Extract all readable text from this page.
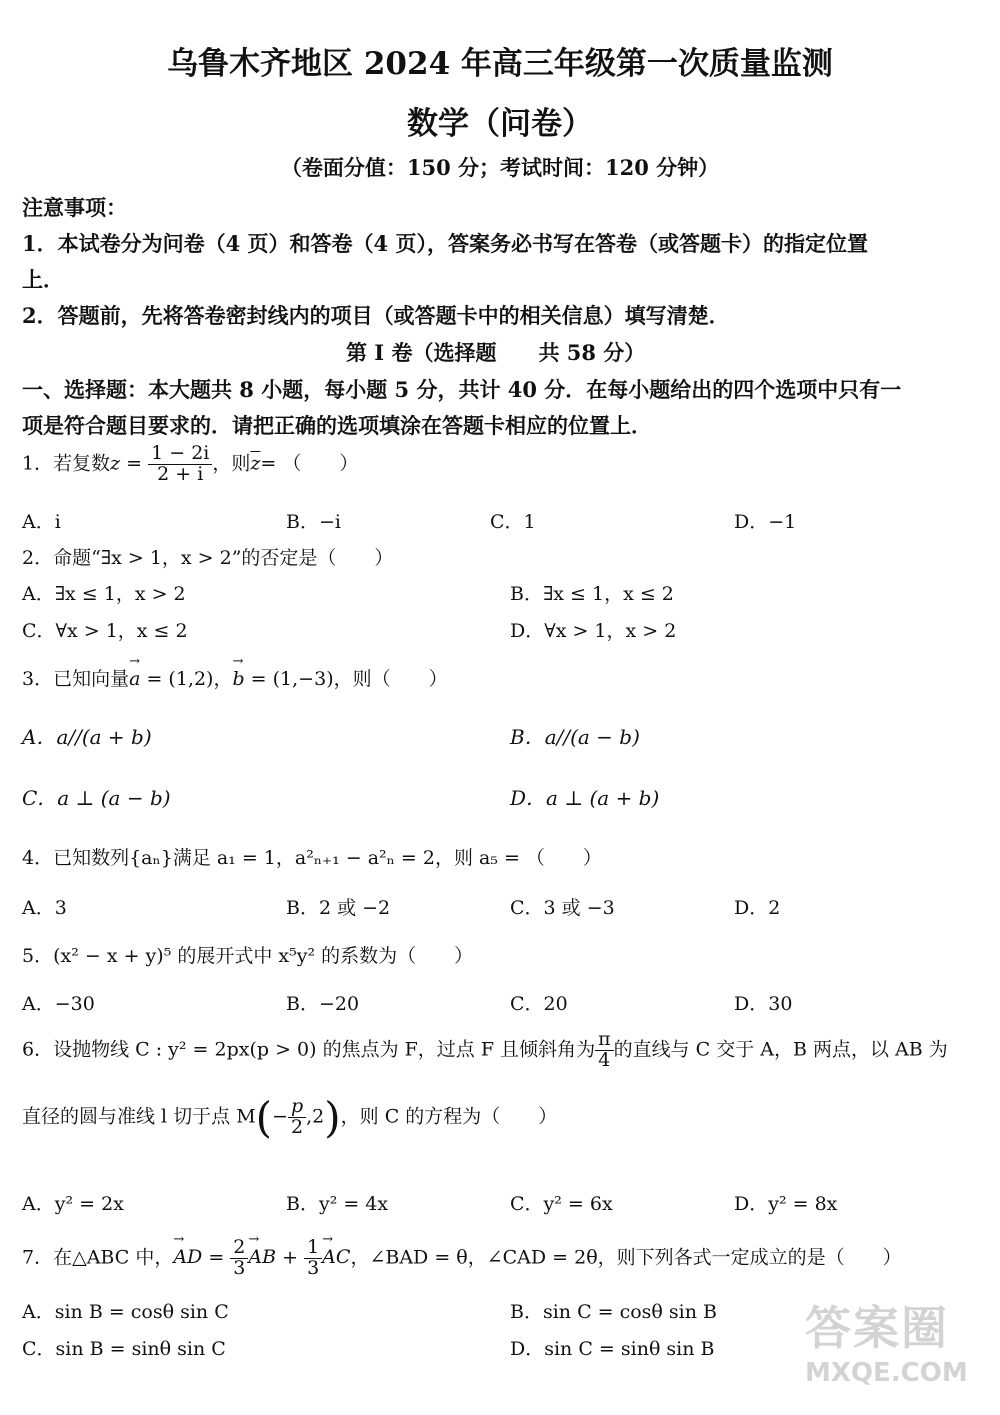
乌鲁木齐地区 2024 年高三年级第一次质量监测
数学（问卷）
（卷面分值：150 分；考试时间：120 分钟）
注意事项：
1．本试卷分为问卷（4 页）和答卷（4 页），答案务必书写在答卷（或答题卡）的指定位置
上．
2．答题前，先将答卷密封线内的项目（或答题卡中的相关信息）填写清楚．
第 I 卷（选择题　　共 58 分）
一、选择题：本大题共 8 小题，每小题 5 分，共计 40 分．在每小题给出的四个选项中只有一
项是符合题目要求的．请把正确的选项填涂在答题卡相应的位置上．
1．若复数$z = \frac{1 - 2i}{2 + i}$ ，则$\overline{z}=$ （　　）
A．i	B．−i	C．1	D．−1
2．命题“∃x > 1，x > 2”的否定是（　　）
A．∃x ≤ 1，x > 2	B．∃x ≤ 1，x ≤ 2
C．∀x > 1，x ≤ 2	D．∀x > 1，x > 2
3．已知向量→ a = (1,2)，→ b = (1,−3)，则（　　）
A．a//(a + b)	B．a//(a − b)
C．a ⊥ (a − b)	D．a ⊥ (a + b)
4．已知数列{aₙ}满足 a₁ = 1，a²ₙ₊₁ − a²ₙ = 2，则 a₅ = （　　）
A．3	B．2 或 −2	C．3 或 −3	D．2
5．(x² − x + y)⁵ 的展开式中 x⁵y² 的系数为（　　）
A．−30	B．−20	C．20	D．30
6．设抛物线 C : y² = 2px(p > 0) 的焦点为 F，过点 F 且倾斜角为 $\frac{\pi}{4}$ 的直线与 C 交于 A，B 两点，以 AB 为
直径的圆与准线 l 切于点 $M(- \frac{p}{2} ,2)$，则 C 的方程为（　　）
A．y² = 2x	B．y² = 4x	C．y² = 6x	D．y² = 8x
7．在△ABC 中，→ AD = $\frac{2}{3}$ → AB + $\frac{1}{3}$ → AC，∠BAD = θ，∠CAD = 2θ，则下列各式一定成立的是（　　）
A．sin B = cosθ sin C	B．sin C = cosθ sin B
C．sin B = sinθ sin C	D．sin C = sinθ sin B 答案圈
MXQE.COM
